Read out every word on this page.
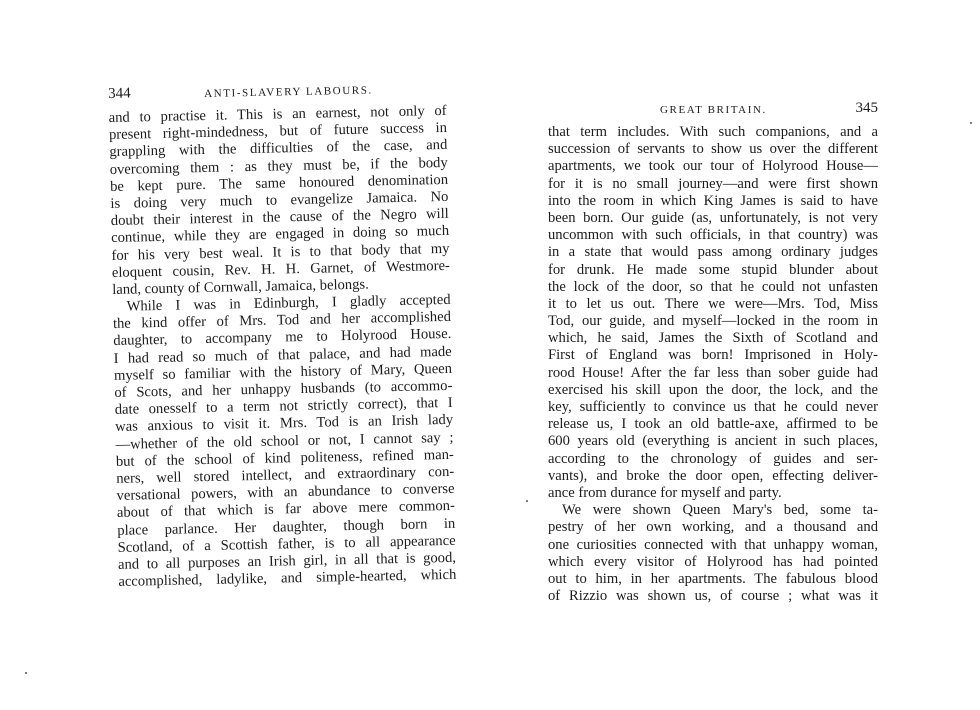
344	ANTI-SLAVERY LABOURS.
and to practise it. This is an earnest, not only of
present right-mindedness, but of future success in
grappling with the difficulties of the case, and
overcoming them : as they must be, if the body
be kept pure. The same honoured denomination
is doing very much to evangelize Jamaica. No
doubt their interest in the cause of the Negro will
continue, while they are engaged in doing so much
for his very best weal. It is to that body that my
eloquent cousin, Rev. H. H. Garnet, of Westmore-
land, county of Cornwall, Jamaica, belongs.
While I was in Edinburgh, I gladly accepted
the kind offer of Mrs. Tod and her accomplished
daughter, to accompany me to Holyrood House.
I had read so much of that palace, and had made
myself so familiar with the history of Mary, Queen
of Scots, and her unhappy husbands (to accommo-
date onesself to a term not strictly correct), that I
was anxious to visit it. Mrs. Tod is an Irish lady
—whether of the old school or not, I cannot say ;
but of the school of kind politeness, refined man-
ners, well stored intellect, and extraordinary con-
versational powers, with an abundance to converse
about of that which is far above mere common-
place parlance. Her daughter, though born in
Scotland, of a Scottish father, is to all appearance
and to all purposes an Irish girl, in all that is good,
accomplished, ladylike, and simple-hearted, which
GREAT BRITAIN.	345
that term includes. With such companions, and a
succession of servants to show us over the different
apartments, we took our tour of Holyrood House—
for it is no small journey—and were first shown
into the room in which King James is said to have
been born. Our guide (as, unfortunately, is not very
uncommon with such officials, in that country) was
in a state that would pass among ordinary judges
for drunk. He made some stupid blunder about
the lock of the door, so that he could not unfasten
it to let us out. There we were—Mrs. Tod, Miss
Tod, our guide, and myself—locked in the room in
which, he said, James the Sixth of Scotland and
First of England was born! Imprisoned in Holy-
rood House! After the far less than sober guide had
exercised his skill upon the door, the lock, and the
key, sufficiently to convince us that he could never
release us, I took an old battle-axe, affirmed to be
600 years old (everything is ancient in such places,
according to the chronology of guides and ser-
vants), and broke the door open, effecting deliver-
ance from durance for myself and party.
We were shown Queen Mary's bed, some ta-
pestry of her own working, and a thousand and
one curiosities connected with that unhappy woman,
which every visitor of Holyrood has had pointed
out to him, in her apartments. The fabulous blood
of Rizzio was shown us, of course ; what was it
